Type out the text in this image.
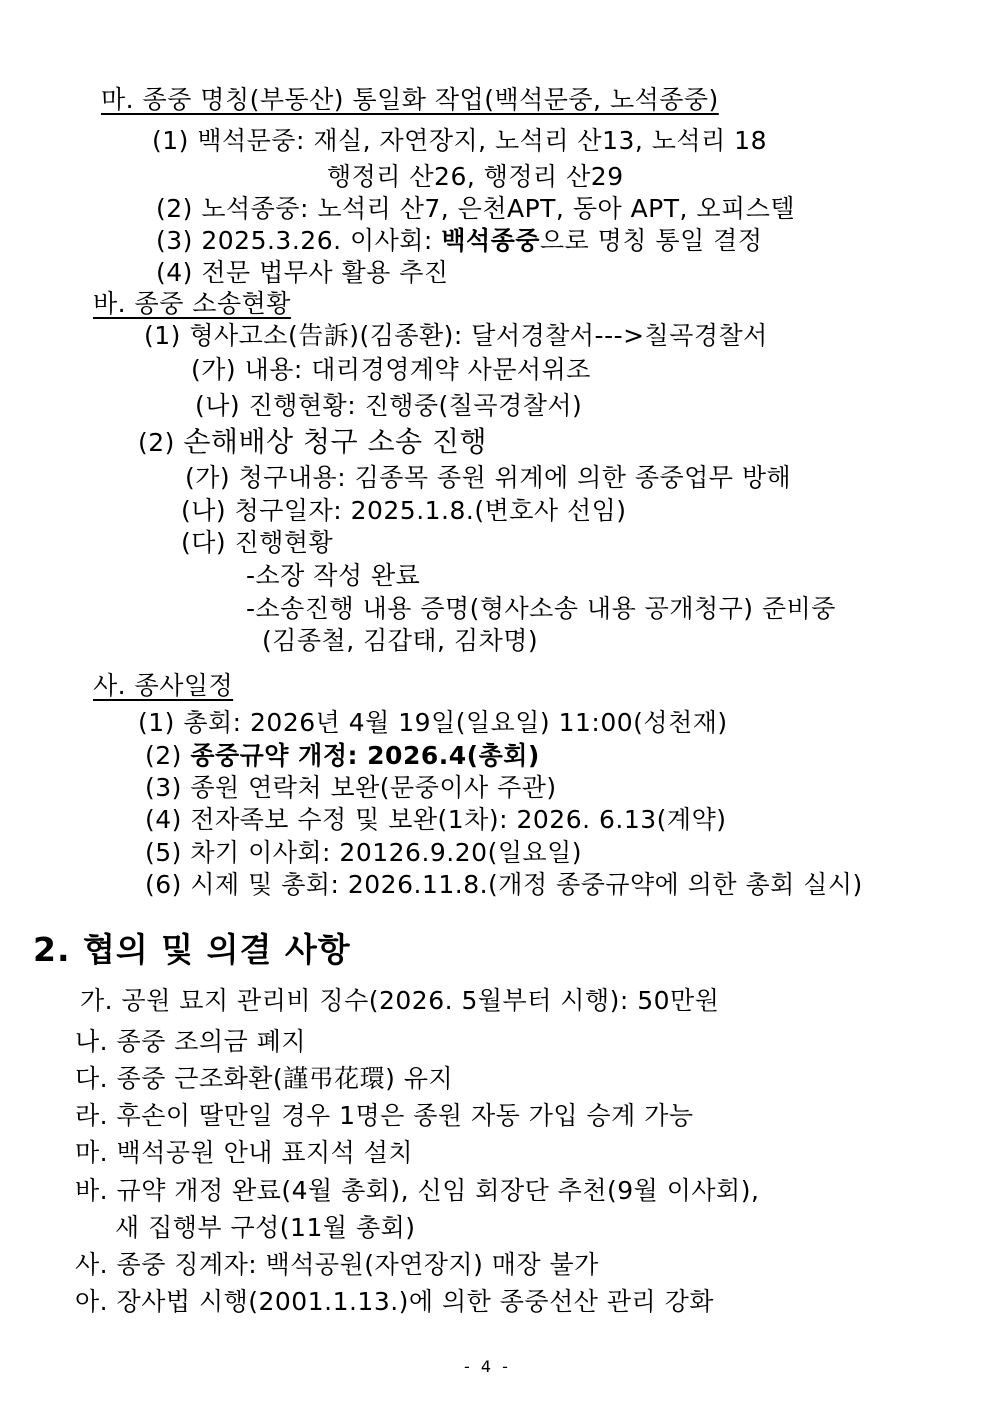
마. 종중 명칭(부동산) 통일화 작업(백석문중, 노석종중)
(1) 백석문중: 재실, 자연장지, 노석리 산13, 노석리 18
행정리 산26, 행정리 산29
(2) 노석종중: 노석리 산7, 은천APT, 동아 APT, 오피스텔
(3) 2025.3.26. 이사회: 백석종중으로 명칭 통일 결정
(4) 전문 법무사 활용 추진
바. 종중 소송현황
(1) 형사고소(告訴)(김종환): 달서경찰서--->칠곡경찰서
(가) 내용: 대리경영계약 사문서위조
(나) 진행현황: 진행중(칠곡경찰서)
(2) 손해배상 청구 소송 진행
(가) 청구내용: 김종목 종원 위계에 의한 종중업무 방해
(나) 청구일자: 2025.1.8.(변호사 선임)
(다) 진행현황
-소장 작성 완료
-소송진행 내용 증명(형사소송 내용 공개청구) 준비중
(김종철, 김갑태, 김차명)
사. 종사일정
(1) 총회: 2026년 4월 19일(일요일) 11:00(성천재)
(2) 종중규약 개정: 2026.4(총회)
(3) 종원 연락처 보완(문중이사 주관)
(4) 전자족보 수정 및 보완(1차): 2026. 6.13(계약)
(5) 차기 이사회: 20126.9.20(일요일)
(6) 시제 및 총회: 2026.11.8.(개정 종중규약에 의한 총회 실시)
2. 협의 및 의결 사항
가. 공원 묘지 관리비 징수(2026. 5월부터 시행): 50만원
나. 종중 조의금 폐지
다. 종중 근조화환(謹弔花環) 유지
라. 후손이 딸만일 경우 1명은 종원 자동 가입 승계 가능
마. 백석공원 안내 표지석 설치
바. 규약 개정 완료(4월 총회), 신임 회장단 추천(9월 이사회),
새 집행부 구성(11월 총회)
사. 종중 징계자: 백석공원(자연장지) 매장 불가
아. 장사법 시행(2001.1.13.)에 의한 종중선산 관리 강화
- 4 -
